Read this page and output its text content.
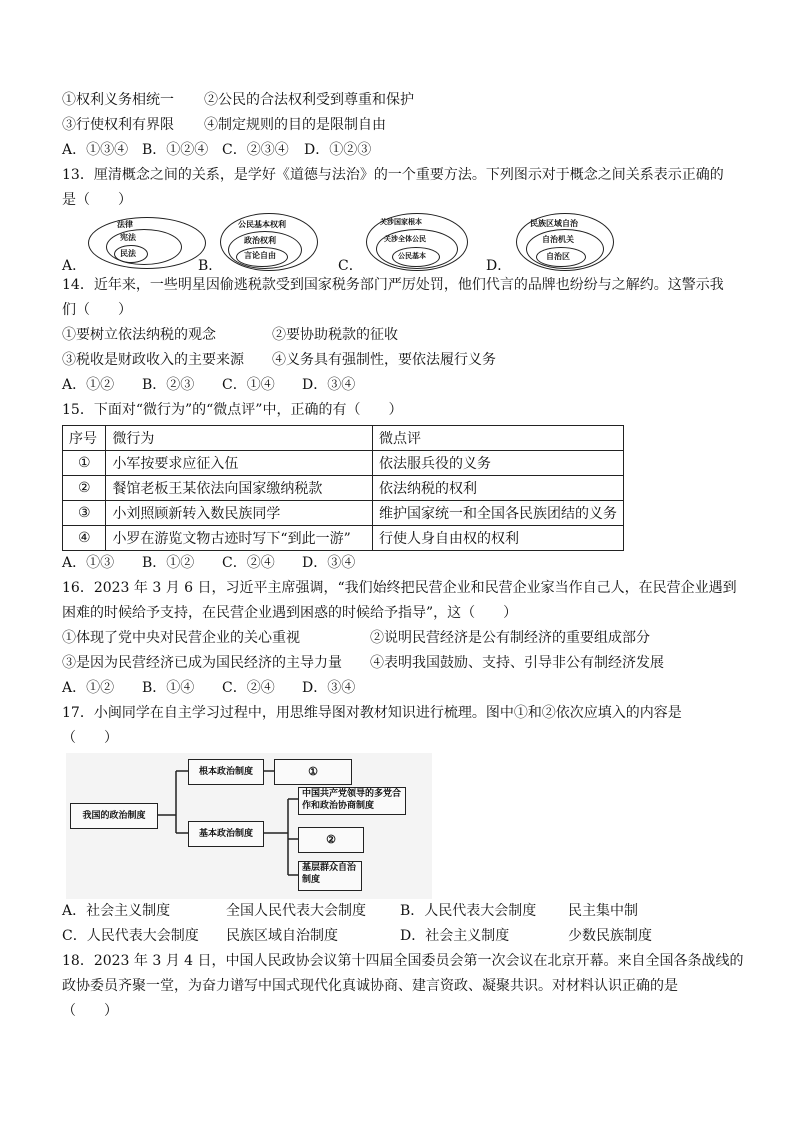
①权利义务相统一 ②公民的合法权利受到尊重和保护
③行使权利有界限 ④制定规则的目的是限制自由
A．①③④ B．①②④ C．②③④ D．①②③
13．厘清概念之间的关系，是学好《道德与法治》的一个重要方法。下列图示对于概念之间关系表示正确的
是（　　）
A．
法律
宪法
民法
B．
公民基本权利
政治权利
言论自由
C．
关涉国家根本
关涉全体公民
公民基本
D．
民族区域自治
自治机关
自治区
14．近年来，一些明星因偷逃税款受到国家税务部门严厉处罚，他们代言的品牌也纷纷与之解约。这警示我
们（　　）
①要树立依法纳税的观念	②要协助税款的征收
③税收是财政收入的主要来源 ④义务具有强制性，要依法履行义务
A．①② B．②③ C．①④ D．③④
15．下面对“微行为”的“微点评”中，正确的有（　　）
序号	微行为	微点评
①	小军按要求应征入伍	依法服兵役的义务
②	餐馆老板王某依法向国家缴纳税款	依法纳税的权利
③	小刘照顾新转入数民族同学	维护国家统一和全国各民族团结的义务
④	小罗在游览文物古迹时写下“到此一游”	行使人身自由权的权利
A．①③ B．①② C．②④ D．③④
16．2023 年 3 月 6 日，习近平主席强调，“我们始终把民营企业和民营企业家当作自己人，在民营企业遇到
困难的时候给予支持，在民营企业遇到困惑的时候给予指导”，这（　　）
①体现了党中央对民营企业的关心重视	②说明民营经济是公有制经济的重要组成部分
③是因为民营经济已成为国民经济的主导力量 ④表明我国鼓励、支持、引导非公有制经济发展
A．①② B．①④ C．②④ D．③④
17．小闽同学在自主学习过程中，用思维导图对教材知识进行梳理。图中①和②依次应填入的内容是
（　　）
我国的政治制度
根本政治制度	①
基本政治制度
中国共产党领导的多党合作和政治协商制度
②
基层群众自治制度
A．社会主义制度	全国人民代表大会制度 B．人民代表大会制度 民主集中制
C．人民代表大会制度 民族区域自治制度	D．社会主义制度	少数民族制度
18．2023 年 3 月 4 日，中国人民政协会议第十四届全国委员会第一次会议在北京开幕。来自全国各条战线的
政协委员齐聚一堂，为奋力谱写中国式现代化真诚协商、建言资政、凝聚共识。对材料认识正确的是
（　　）
